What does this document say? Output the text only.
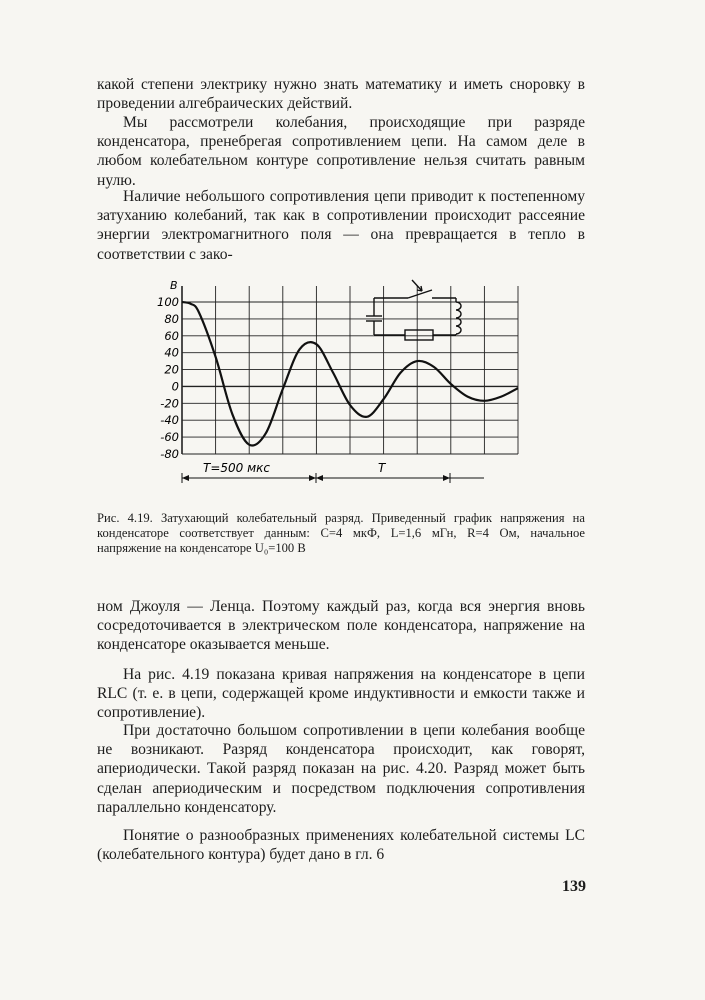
какой степени электрику нужно знать математику и иметь сноровку в проведении алгебраических действий.

Мы рассмотрели колебания, происходящие при разряде конденсатора, пренебрегая сопротивлением цепи. На самом деле в любом колебательном контуре сопротивление нельзя считать равным нулю.

Наличие небольшого сопротивления цепи приводит к постепенному затуханию колебаний, так как в сопротивлении происходит рассеяние энергии электромагнитного поля — она превращается в тепло в соответствии с зако-

100
80
60
40
20
0
-20
-40
-60
-80
В
T=500 мкс	T
Рис. 4.19. Затухающий колебательный разряд. Приведенный график напряжения на конденсаторе соответствует данным: C=4 мкФ, L=1,6 мГн, R=4 Ом, начальное напряжение на конденсаторе U₀=100 В

ном Джоуля — Ленца. Поэтому каждый раз, когда вся энергия вновь сосредоточивается в электрическом поле конденсатора, напряжение на конденсаторе оказывается меньше.

На рис. 4.19 показана кривая напряжения на конденсаторе в цепи RLC (т. е. в цепи, содержащей кроме индуктивности и емкости также и сопротивление).

При достаточно большом сопротивлении в цепи колебания вообще не возникают. Разряд конденсатора происходит, как говорят, апериодически. Такой разряд показан на рис. 4.20. Разряд может быть сделан апериодическим и посредством подключения сопротивления параллельно конденсатору.

Понятие о разнообразных применениях колебательной системы LC (колебательного контура) будет дано в гл. 6

139
